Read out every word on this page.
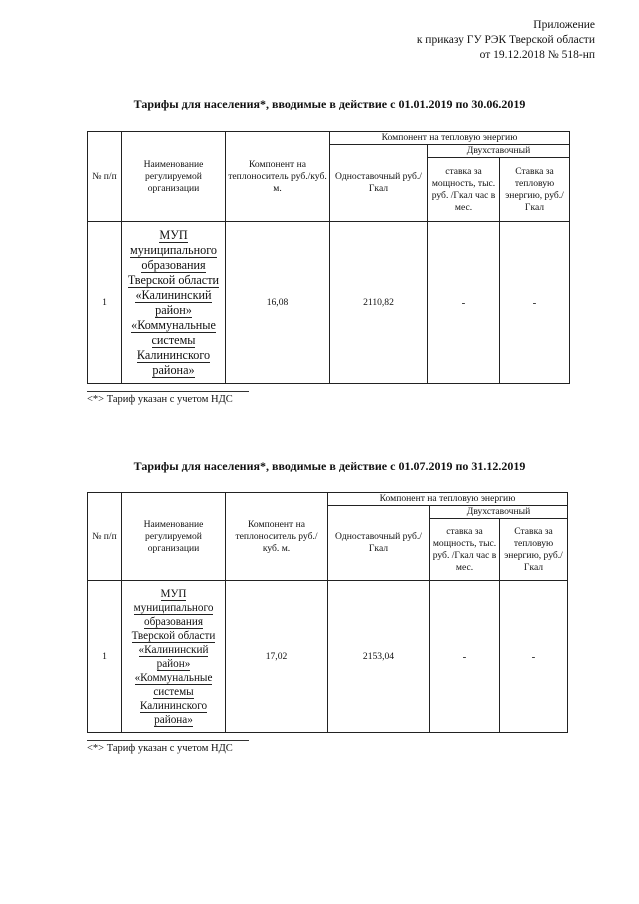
Приложение
к приказу ГУ РЭК Тверской области
от 19.12.2018 № 518-нп
Тарифы для населения*, вводимые в действие с 01.01.2019 по 30.06.2019
№ п/п	Наименование регулируемой организации	Компонент на теплоноситель руб./куб. м.	Компонент на тепловую энергию		
			Одноставочный руб./Гкал	Двухставочный	
				ставка за мощность, тыс. руб. /Гкал час в мес.	Ставка за тепловую энергию, руб./Гкал
1	МУП муниципального образования Тверской области «Калининский район» «Коммунальные системы Калининского района»	16,08	2110,82	-	-
<*> Тариф указан с учетом НДС
Тарифы для населения*, вводимые в действие с 01.07.2019 по 31.12.2019
№ п/п	Наименование регулируемой организации	Компонент на теплоноситель руб./куб. м.	Компонент на тепловую энергию		
			Одноставочный руб./Гкал	Двухставочный	
				ставка за мощность, тыс. руб. /Гкал час в мес.	Ставка за тепловую энергию, руб./Гкал
1	МУП муниципального образования Тверской области «Калининский район» «Коммунальные системы Калининского района»	17,02	2153,04	-	-
<*> Тариф указан с учетом НДС
